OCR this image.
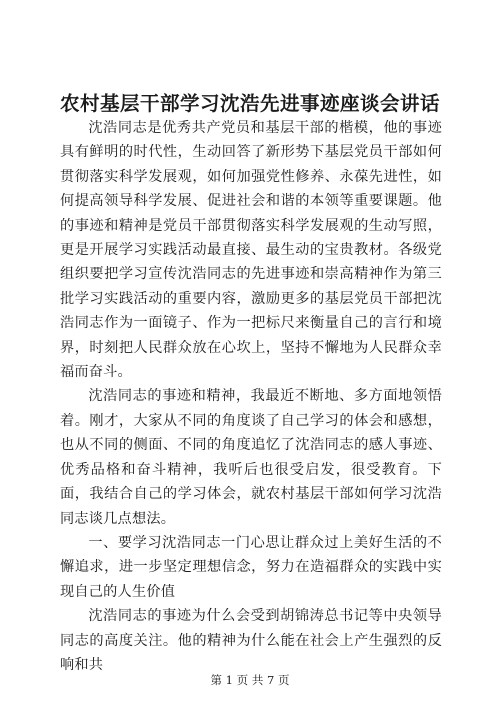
农村基层干部学习沈浩先进事迹座谈会讲话

沈浩同志是优秀共产党员和基层干部的楷模，他的事迹具有鲜明的时代性，生动回答了新形势下基层党员干部如何贯彻落实科学发展观，如何加强党性修养、永葆先进性，如何提高领导科学发展、促进社会和谐的本领等重要课题。他的事迹和精神是党员干部贯彻落实科学发展观的生动写照，更是开展学习实践活动最直接、最生动的宝贵教材。各级党组织要把学习宣传沈浩同志的先进事迹和崇高精神作为第三批学习实践活动的重要内容，激励更多的基层党员干部把沈浩同志作为一面镜子、作为一把标尺来衡量自己的言行和境界，时刻把人民群众放在心坎上，坚持不懈地为人民群众幸福而奋斗。

沈浩同志的事迹和精神，我最近不断地、多方面地领悟着。刚才，大家从不同的角度谈了自己学习的体会和感想，也从不同的侧面、不同的角度追忆了沈浩同志的感人事迹、优秀品格和奋斗精神，我听后也很受启发，很受教育。下面，我结合自己的学习体会，就农村基层干部如何学习沈浩同志谈几点想法。

一、要学习沈浩同志一门心思让群众过上美好生活的不懈追求，进一步坚定理想信念，努力在造福群众的实践中实现自己的人生价值

沈浩同志的事迹为什么会受到胡锦涛总书记等中央领导同志的高度关注。他的精神为什么能在社会上产生强烈的反响和共

第 1 页 共 7 页
